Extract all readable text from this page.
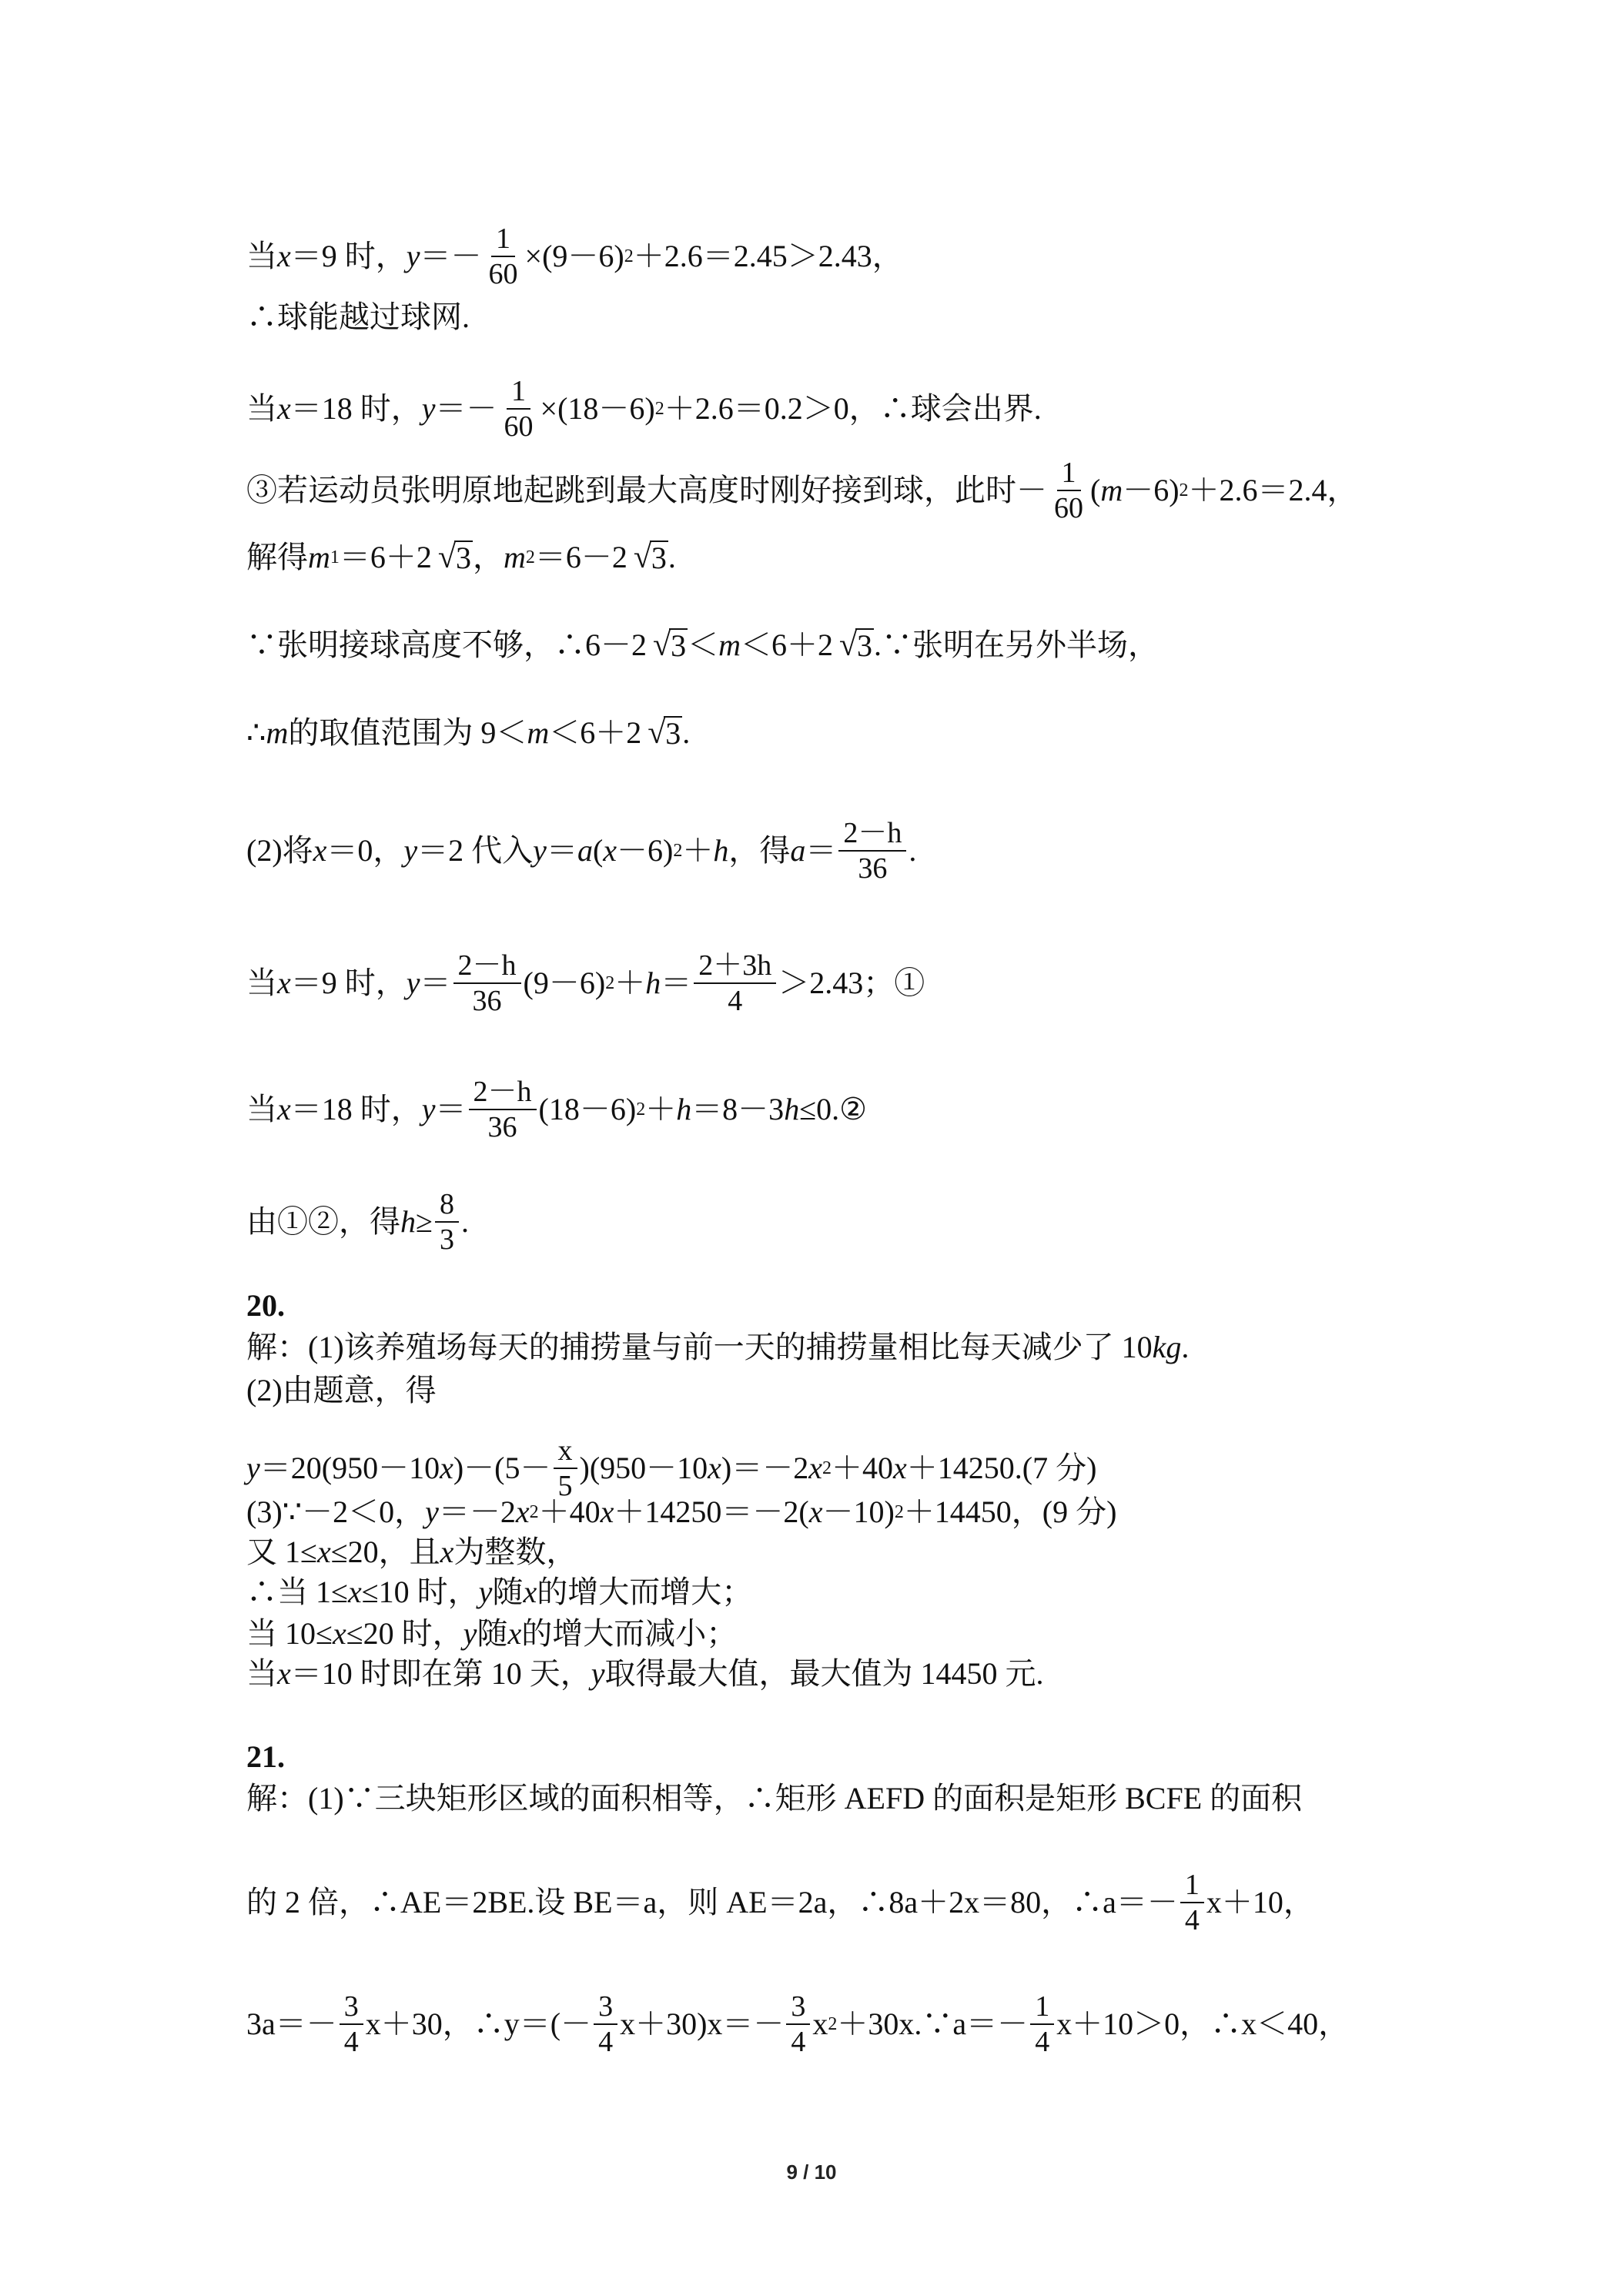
当 x ＝9 时， $y =- \frac{1}{60} \times(9-6)$ 2 ＋2.6＝2.45＞2.43，
∴球能越过球网.
当 x ＝18 时， $y =- \frac{1}{60} \times(18-6)$ 2 ＋2.6＝0.2＞0，∴球会出界.
③若运动员张明原地起跳到最大高度时刚好接到球，此时－ $\frac{1}{60}$ ( m －6) 2 ＋2.6＝2.4，
解得 m 1 ＝6＋2 √ 3 ， m 2 ＝6－2 √ 3 .
∵张明接球高度不够，∴6－2 √ 3 ＜ m ＜6＋2 √ 3 .∵张明在另外半场，
∴ m 的取值范围为 9＜ m ＜6＋2 √ 3 .
(2)将 x ＝0， y ＝2 代入 y ＝ a ( x －6) 2 ＋ h ，得 $a = \frac{2-h}{36}$ .
当 x ＝9 时， $y = \frac{2-h}{36} (9-6) 2 + h = \frac{2+3h}{4} >2.43$；①
当 x ＝18 时， $y = \frac{2-h}{36} (18-6) 2 + h =8-3$ h ≤0.②
由①②，得 $h \ge \frac{8}{3}$ .
20.
解：(1)该养殖场每天的捕捞量与前一天的捕捞量相比每天减少了 10 kg .
(2)由题意，得
y ＝20(950－10 x )$-(5- \frac{x}{5} )(950-10$ x )＝－2 x 2 ＋40 x ＋14250.(7 分)
(3)∵－2＜0， y ＝－2 x 2 ＋40 x ＋14250＝－2( x －10) 2 ＋14450，(9 分)
又 1≤ x ≤20，且 x 为整数，
∴当 1≤ x ≤10 时， y 随 x 的增大而增大；
当 10≤ x ≤20 时， y 随 x 的增大而减小；
当 x ＝10 时即在第 10 天， y 取得最大值，最大值为 14450 元.
21.
解：(1)∵三块矩形区域的面积相等，∴矩形 AEFD 的面积是矩形 BCFE 的面积
的 2 倍，∴AE＝2BE.设 BE＝a，则 AE＝2a，∴8a＋2x＝80，∴a＝－ $\frac{1}{4} x+10$，
$3a=- \frac{3}{4} x+30$，∴y＝(－ $\frac{3}{4} x+30)x=- \frac{3}{4}$ x 2 ＋30x.∵a＝－ $\frac{1}{4} x+10>0$，∴x＜40，
9 / 10
